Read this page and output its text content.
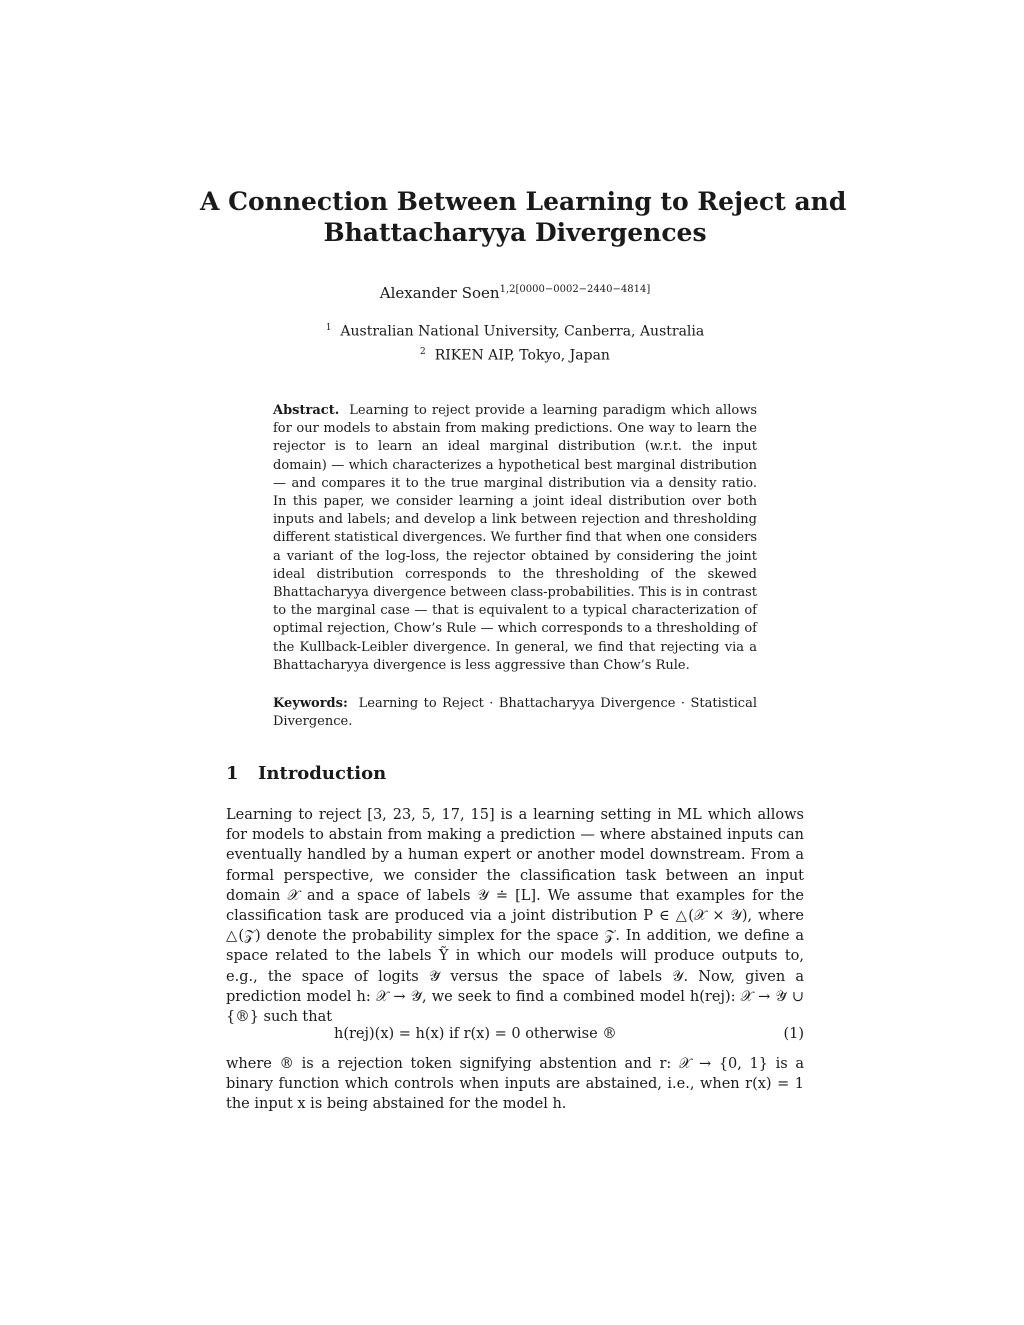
A Connection Between Learning to Reject and
Bhattacharyya Divergences
Alexander Soen$^{1,2[0000-0002-2440-4814]}$
$^1$ Australian National University, Canberra, Australia
$^2$ RIKEN AIP, Tokyo, Japan
Abstract. Learning to reject provide a learning paradigm which allows for our models to abstain from making predictions. One way to learn the rejector is to learn an ideal marginal distribution (w.r.t. the input domain) — which characterizes a hypothetical best marginal distribution — and compares it to the true marginal distribution via a density ratio. In this paper, we consider learning a joint ideal distribution over both inputs and labels; and develop a link between rejection and thresholding different statistical divergences. We further find that when one considers a variant of the log-loss, the rejector obtained by considering the joint ideal distribution corresponds to the thresholding of the skewed Bhattacharyya divergence between class-probabilities. This is in contrast to the marginal case — that is equivalent to a typical characterization of optimal rejection, Chow’s Rule — which corresponds to a thresholding of the Kullback-Leibler divergence. In general, we find that rejecting via a Bhattacharyya divergence is less aggressive than Chow’s Rule.
Keywords: Learning to Reject · Bhattacharyya Divergence · Statistical Divergence.
1 Introduction
Learning to reject [3, 23, 5, 17, 15] is a learning setting in ML which allows for models to abstain from making a prediction — where abstained inputs can eventually handled by a human expert or another model downstream. From a formal perspective, we consider the classification task between an input domain 𝒳 and a space of labels 𝒴 ≐ [L]. We assume that examples for the classification task are produced via a joint distribution P ∈ △(𝒳 × 𝒴), where △(𝒵) denote the probability simplex for the space 𝒵. In addition, we define a space related to the labels Ỹ in which our models will produce outputs to, e.g., the space of logits 𝒴̃ versus the space of labels 𝒴. Now, given a prediction model h: 𝒳 → 𝒴̃, we seek to find a combined model h(rej): 𝒳 → 𝒴̃ ∪ {®} such that
h(rej)(x) = h(x) if r(x) = 0 otherwise ®	(1)
where ® is a rejection token signifying abstention and r: 𝒳 → {0, 1} is a binary function which controls when inputs are abstained, i.e., when r(x) = 1 the input x is being abstained for the model h.
